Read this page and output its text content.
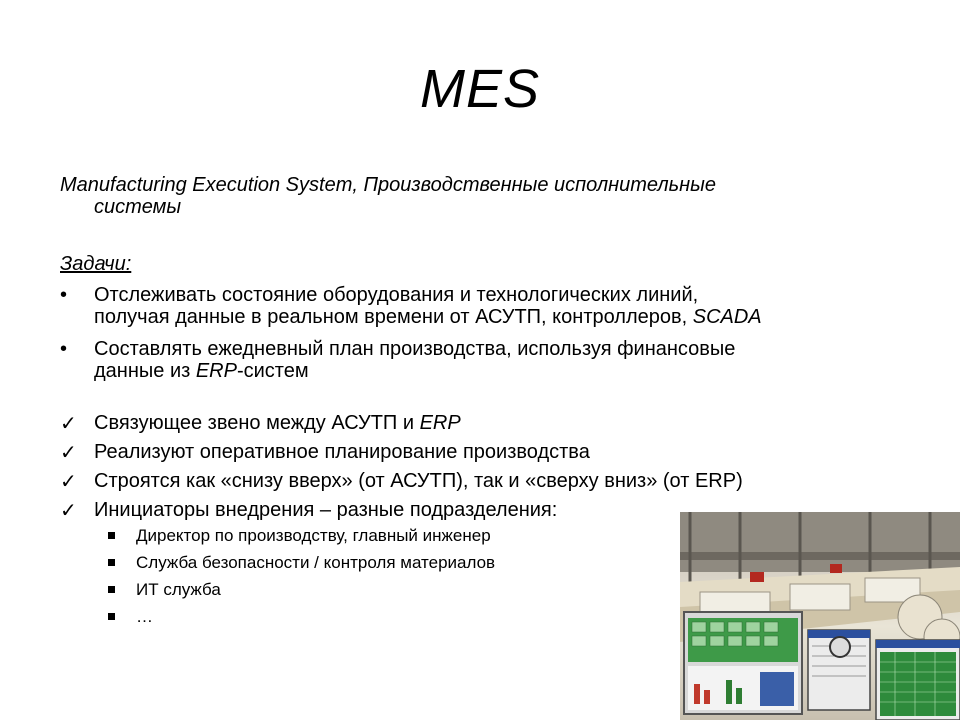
MES
Manufacturing Execution System, Производственные исполнительные
системы
Задачи:
• Отслеживать состояние оборудования и технологических линий,
получая данные в реальном времени от АСУТП, контроллеров, SCADA
• Составлять ежедневный план производства, используя финансовые
данные из ERP-систем
✓ Связующее звено между АСУТП и ERP
✓ Реализуют оперативное планирование производства
✓ Строятся как «снизу вверх» (от АСУТП), так и «сверху вниз» (от ERP)
✓ Инициаторы внедрения – разные подразделения:
Директор по производству, главный инженер
Служба безопасности / контроля материалов
ИТ служба
…
